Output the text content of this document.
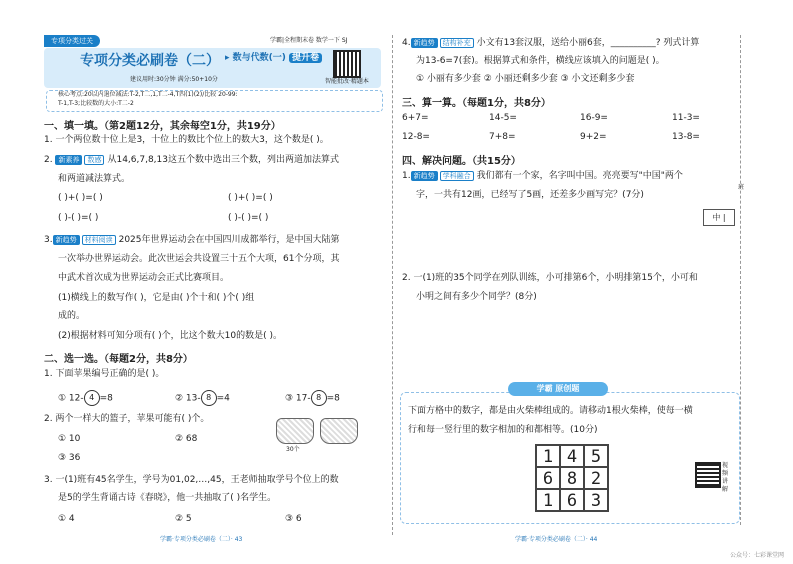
专项分类过关	学霸|全程期末卷 数学一下 SJ
专项分类必刷卷（二） ▸ 数与代数(一) 提升卷
建议用时:30分钟 满分:50+10分	智能批改·精题本
核心考点:20以内退位减法:T-2,T二,1,T二-4,T四(1)(2)/比较 20-99:
T-1,T-3;比较数的大小:T二-2
一、填一填。（第2题12分，其余每空1分，共19分）
1. 一个两位数十位上是3，十位上的数比个位上的数大3，这个数是( )。
2. 新素养 数感 从14,6,7,8,13这五个数中选出三个数，列出两道加法算式
和两道减法算式。
( )+( )=( )	( )+( )=( )
( )-( )=( )	( )-( )=( )
3. 新趋势 材料阅读 2025年世界运动会在中国四川成都举行，是中国大陆第
一次举办世界运动会。此次世运会共设置三十五个大项，61个分项，其
中武术首次成为世界运动会正式比赛项目。
(1)横线上的数写作( )，它是由( )个十和( )个( )组
成的。
(2)根据材料可知分项有( )个，比这个数大10的数是( )。
二、选一选。（每题2分，共8分）
1. 下面苹果编号正确的是( )。
① 12- 4 =8	② 13- 8 =4	③ 17- 8 =8
2. 两个一样大的篮子，苹果可能有( )个。
① 10	② 68
③ 36
30个
3. 一(1)班有45名学生，学号为01,02,…,45，王老师抽取学号个位上的数
是5的学生背诵古诗《春晓》，他一共抽取了( )名学生。
① 4	② 5	③ 6
学霸·专项分类必刷卷（二）· 43
4. 新趋势 结构补充 小文有13套汉服，送给小丽6套，__________? 列式计算
为13-6=7(套)。根据算式和条件，横线应该填入的问题是( )。
① 小丽有多少套 ② 小丽还剩多少套 ③ 小文还剩多少套
三、算一算。（每题1分，共8分）
6+7=	14-5=	16-9=	11-3=
12-8=	7+8=	9+2=	13-8=
四、解决问题。（共15分）
1. 新趋势 学科融合 我们都有一个家，名字叫中国。亮亮要写"中国"两个
字，一共有12画，已经写了5画，还差多少画写完？(7分)
中 |
2. 一(1)班的35个同学在列队训练，小可排第6个，小明排第15个，小可和
小明之间有多少个同学？(8分)
学霸 原创题
下面方格中的数字，都是由火柴棒组成的。请移动1根火柴棒，使每一横
行和每一竖行里的数字相加的和都相等。(10分)
1 4 5
6 8 2
1 6 3
视频讲解
学霸·专项分类必刷卷（二）· 44
公众号：七彩课堂网
班
